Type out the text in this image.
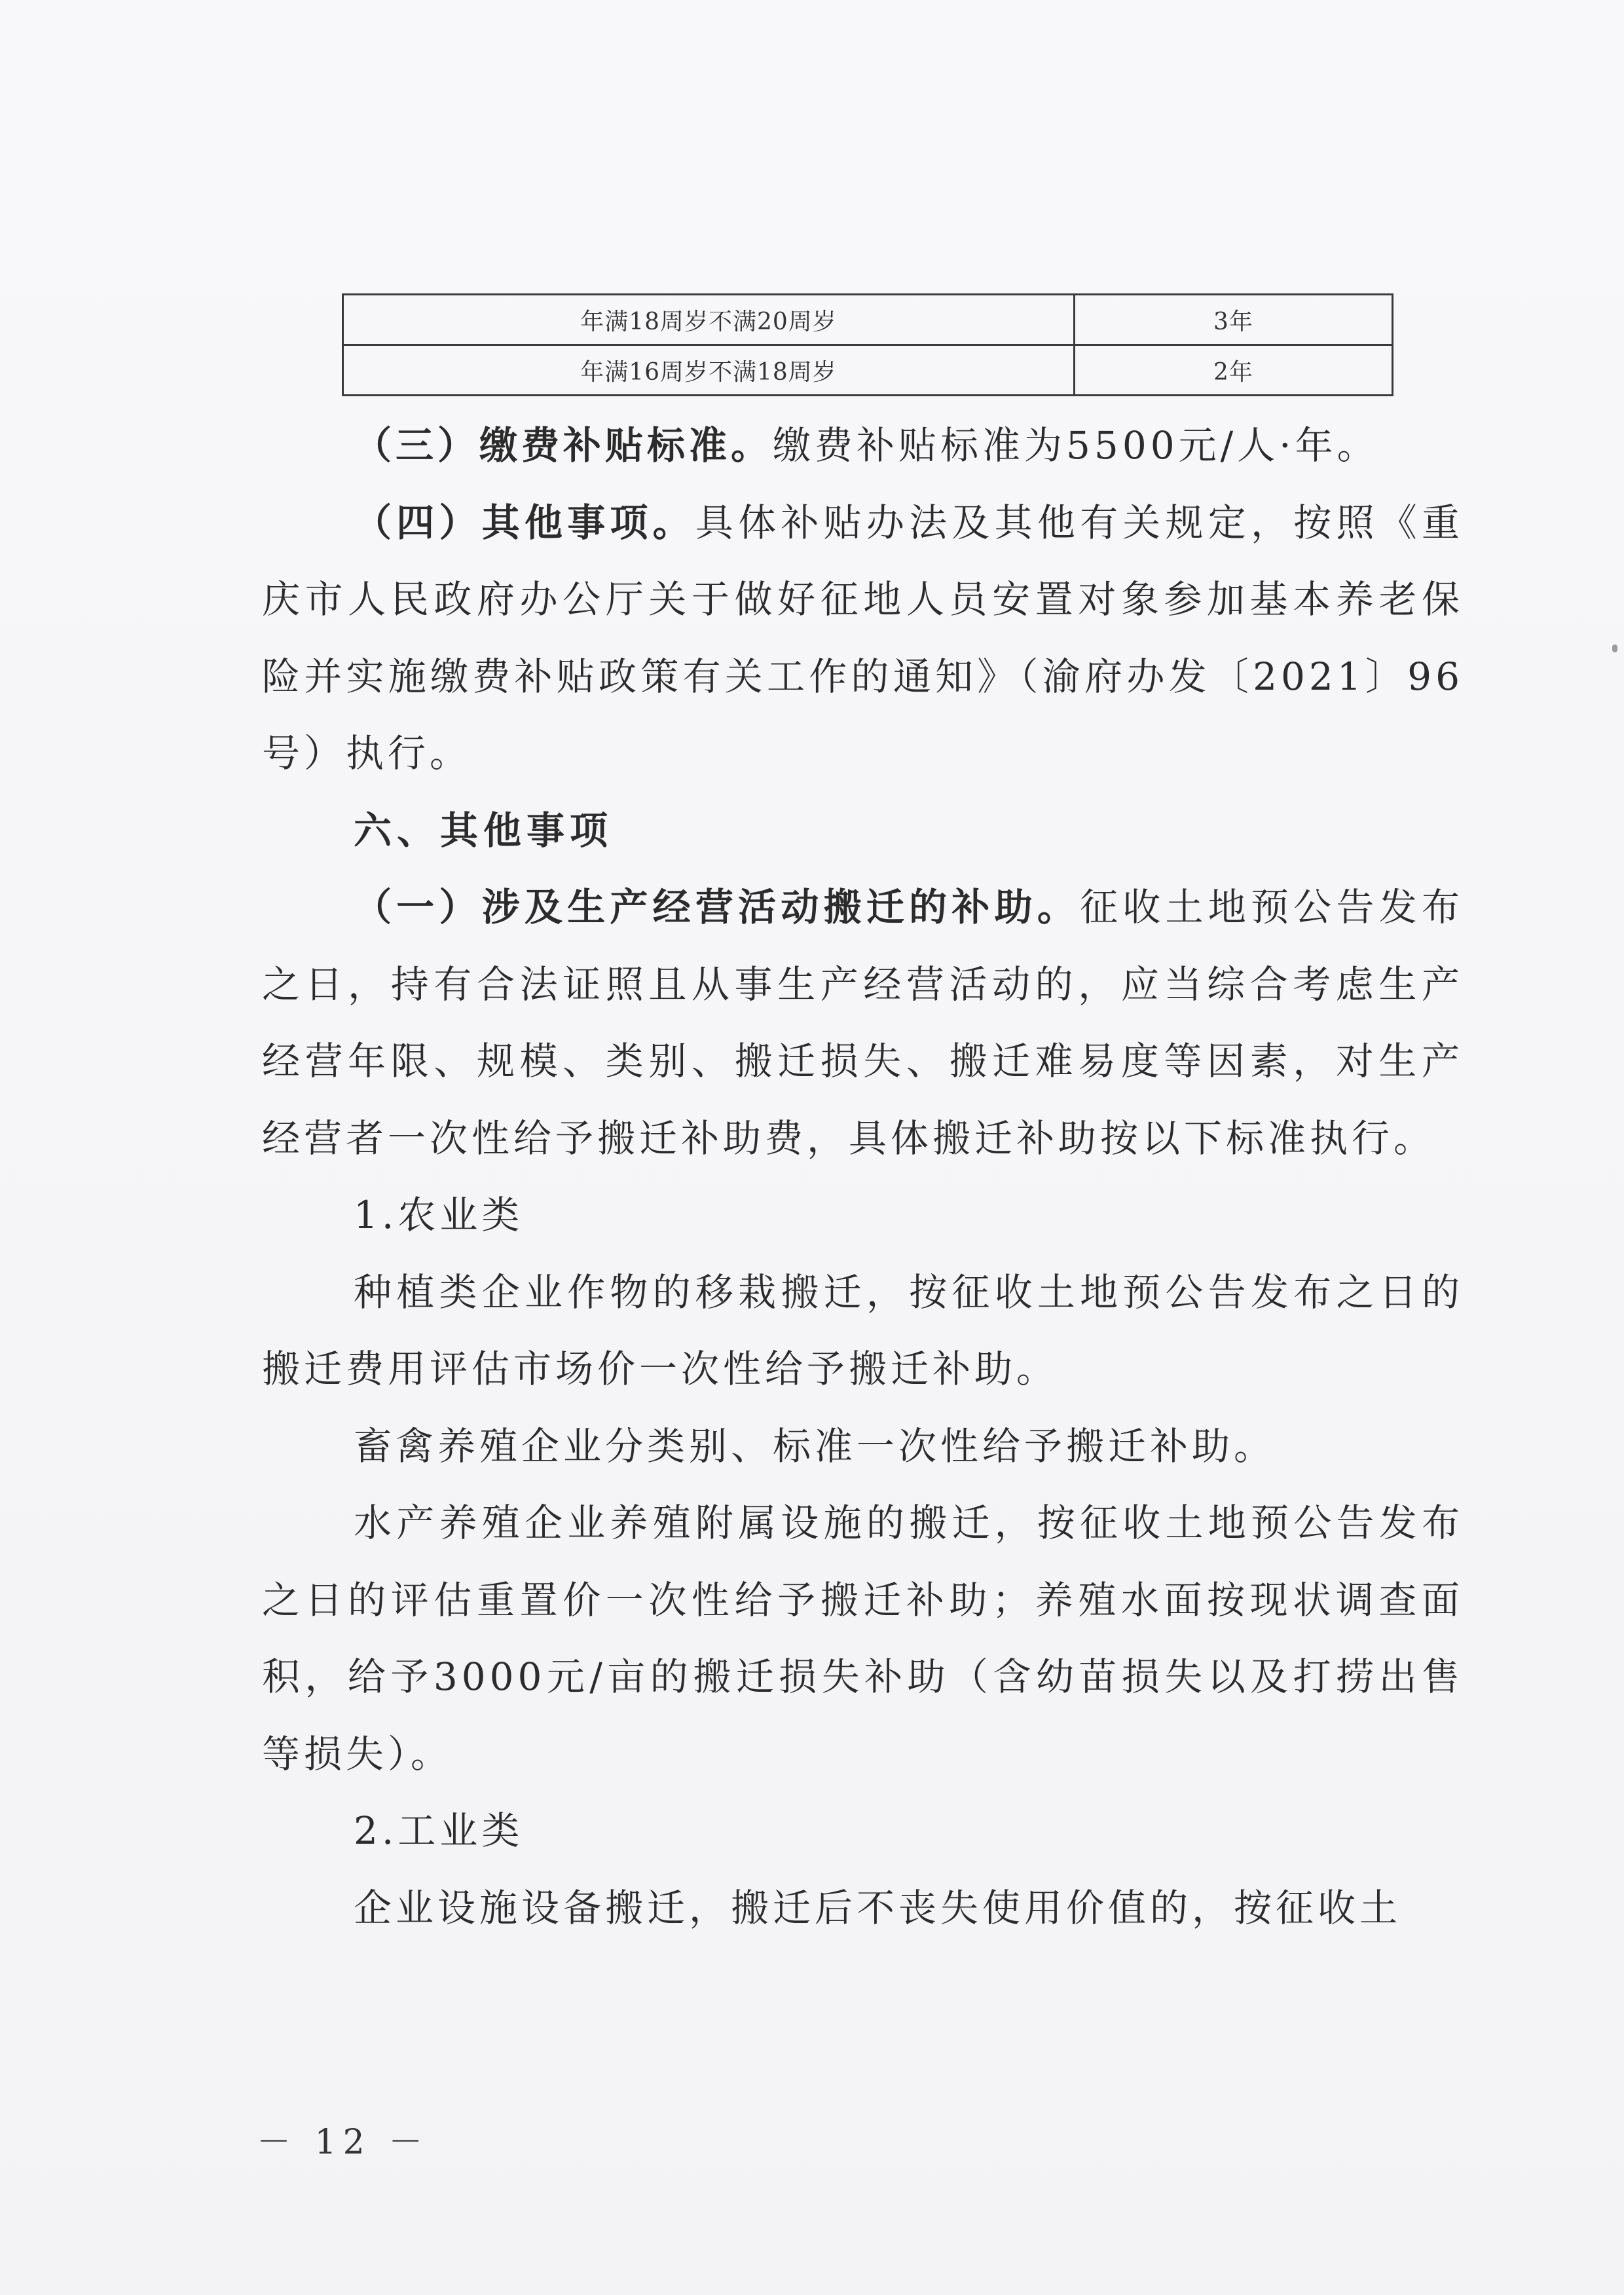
年满18周岁不满20周岁	3年
年满16周岁不满18周岁	2年

（三）缴费补贴标准。缴费补贴标准为5500元/人·年。

（四）其他事项。具体补贴办法及其他有关规定，按照《重庆市人民政府办公厅关于做好征地人员安置对象参加基本养老保险并实施缴费补贴政策有关工作的通知》（渝府办发〔2021〕96号）执行。

六、其他事项

（一）涉及生产经营活动搬迁的补助。征收土地预公告发布之日，持有合法证照且从事生产经营活动的，应当综合考虑生产经营年限、规模、类别、搬迁损失、搬迁难易度等因素，对生产经营者一次性给予搬迁补助费，具体搬迁补助按以下标准执行。

1.农业类

种植类企业作物的移栽搬迁，按征收土地预公告发布之日的搬迁费用评估市场价一次性给予搬迁补助。

畜禽养殖企业分类别、标准一次性给予搬迁补助。

水产养殖企业养殖附属设施的搬迁，按征收土地预公告发布之日的评估重置价一次性给予搬迁补助；养殖水面按现状调查面积，给予3000元/亩的搬迁损失补助（含幼苗损失以及打捞出售等损失）。

2.工业类

企业设施设备搬迁，搬迁后不丧失使用价值的，按征收土

－ 12 －
